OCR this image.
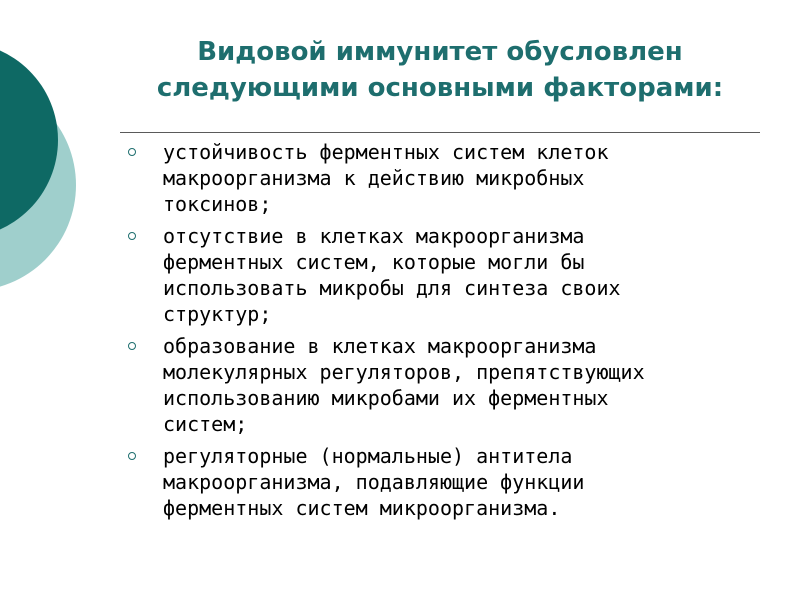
Видовой иммунитет обусловлен
следующими основными факторами:
устойчивость ферментных систем клеток
макроорганизма к действию микробных
токсинов;
отсутствие в клетках макроорганизма
ферментных систем, которые могли бы
использовать микробы для синтеза своих
структур;
образование в клетках макроорганизма
молекулярных регуляторов, препятствующих
использованию микробами их ферментных
систем;
регуляторные (нормальные) антитела
макроорганизма, подавляющие функции
ферментных систем микроорганизма.
